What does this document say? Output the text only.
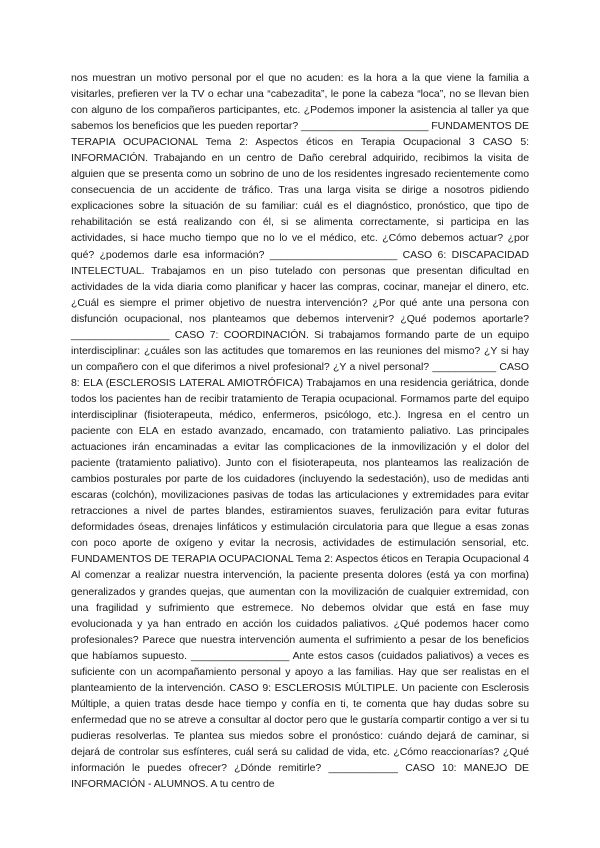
nos muestran un motivo personal por el que no acuden: es la hora a la que viene la familia a visitarles, prefieren ver la TV o echar una “cabezadita”, le pone la cabeza “loca”, no se llevan bien con alguno de los compañeros participantes, etc. ¿Podemos imponer la asistencia al taller ya que sabemos los beneficios que les pueden reportar? ______________________ FUNDAMENTOS DE TERAPIA OCUPACIONAL Tema 2: Aspectos éticos en Terapia Ocupacional 3 CASO 5: INFORMACIÓN. Trabajando en un centro de Daño cerebral adquirido, recibimos la visita de alguien que se presenta como un sobrino de uno de los residentes ingresado recientemente como consecuencia de un accidente de tráfico. Tras una larga visita se dirige a nosotros pidiendo explicaciones sobre la situación de su familiar: cuál es el diagnóstico, pronóstico, que tipo de rehabilitación se está realizando con él, si se alimenta correctamente, si participa en las actividades, si hace mucho tiempo que no lo ve el médico, etc. ¿Cómo debemos actuar? ¿por qué? ¿podemos darle esa información? ______________________ CASO 6: DISCAPACIDAD INTELECTUAL. Trabajamos en un piso tutelado con personas que presentan dificultad en actividades de la vida diaria como planificar y hacer las compras, cocinar, manejar el dinero, etc. ¿Cuál es siempre el primer objetivo de nuestra intervención? ¿Por qué ante una persona con disfunción ocupacional, nos planteamos que debemos intervenir? ¿Qué podemos aportarle? _________________ CASO 7: COORDINACIÓN. Si trabajamos formando parte de un equipo interdisciplinar: ¿cuáles son las actitudes que tomaremos en las reuniones del mismo? ¿Y si hay un compañero con el que diferimos a nivel profesional? ¿Y a nivel personal? ___________ CASO 8: ELA (ESCLEROSIS LATERAL AMIOTRÓFICA) Trabajamos en una residencia geriátrica, donde todos los pacientes han de recibir tratamiento de Terapia ocupacional. Formamos parte del equipo interdisciplinar (fisioterapeuta, médico, enfermeros, psicólogo, etc.). Ingresa en el centro un paciente con ELA en estado avanzado, encamado, con tratamiento paliativo. Las principales actuaciones irán encaminadas a evitar las complicaciones de la inmovilización y el dolor del paciente (tratamiento paliativo). Junto con el fisioterapeuta, nos planteamos las realización de cambios posturales por parte de los cuidadores (incluyendo la sedestación), uso de medidas anti escaras (colchón), movilizaciones pasivas de todas las articulaciones y extremidades para evitar retracciones a nivel de partes blandes, estiramientos suaves, ferulización para evitar futuras deformidades óseas, drenajes linfáticos y estimulación circulatoria para que llegue a esas zonas con poco aporte de oxígeno y evitar la necrosis, actividades de estimulación sensorial, etc. FUNDAMENTOS DE TERAPIA OCUPACIONAL Tema 2: Aspectos éticos en Terapia Ocupacional 4 Al comenzar a realizar nuestra intervención, la paciente presenta dolores (está ya con morfina) generalizados y grandes quejas, que aumentan con la movilización de cualquier extremidad, con una fragilidad y sufrimiento que estremece. No debemos olvidar que está en fase muy evolucionada y ya han entrado en acción los cuidados paliativos. ¿Qué podemos hacer como profesionales? Parece que nuestra intervención aumenta el sufrimiento a pesar de los beneficios que habíamos supuesto. _________________ Ante estos casos (cuidados paliativos) a veces es suficiente con un acompañamiento personal y apoyo a las familias. Hay que ser realistas en el planteamiento de la intervención. CASO 9: ESCLEROSIS MÚLTIPLE. Un paciente con Esclerosis Múltiple, a quien tratas desde hace tiempo y confía en ti, te comenta que hay dudas sobre su enfermedad que no se atreve a consultar al doctor pero que le gustaría compartir contigo a ver si tu pudieras resolverlas. Te plantea sus miedos sobre el pronóstico: cuándo dejará de caminar, si dejará de controlar sus esfínteres, cuál será su calidad de vida, etc. ¿Cómo reaccionarías? ¿Qué información le puedes ofrecer? ¿Dónde remitirle? ____________ CASO 10: MANEJO DE INFORMACIÓN - ALUMNOS. A tu centro de
